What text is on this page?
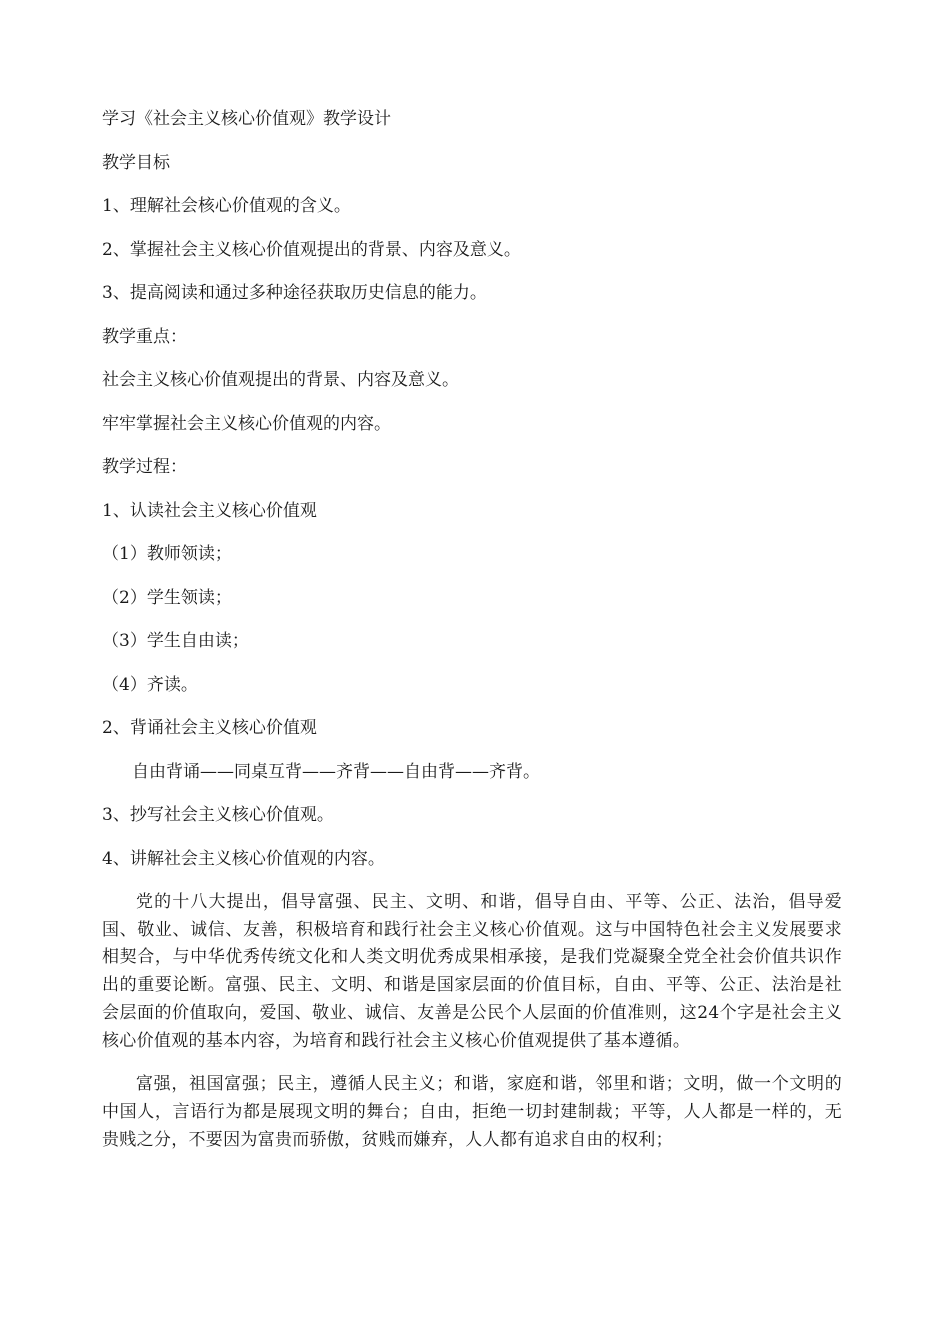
学习《社会主义核心价值观》教学设计
教学目标
1、理解社会核心价值观的含义。
2、掌握社会主义核心价值观提出的背景、内容及意义。
3、提高阅读和通过多种途径获取历史信息的能力。
教学重点：
社会主义核心价值观提出的背景、内容及意义。
牢牢掌握社会主义核心价值观的内容。
教学过程：
1、认读社会主义核心价值观
（1）教师领读；
（2）学生领读；
（3）学生自由读；
（4）齐读。
2、背诵社会主义核心价值观
自由背诵——同桌互背——齐背——自由背——齐背。
3、抄写社会主义核心价值观。
4、讲解社会主义核心价值观的内容。

党的十八大提出，倡导富强、民主、文明、和谐，倡导自由、平等、公正、法治，倡导爱国、敬业、诚信、友善，积极培育和践行社会主义核心价值观。这与中国特色社会主义发展要求相契合，与中华优秀传统文化和人类文明优秀成果相承接，是我们党凝聚全党全社会价值共识作出的重要论断。富强、民主、文明、和谐是国家层面的价值目标，自由、平等、公正、法治是社会层面的价值取向，爱国、敬业、诚信、友善是公民个人层面的价值准则，这24个字是社会主义核心价值观的基本内容，为培育和践行社会主义核心价值观提供了基本遵循。

富强，祖国富强；民主，遵循人民主义；和谐，家庭和谐，邻里和谐；文明，做一个文明的中国人，言语行为都是展现文明的舞台；自由，拒绝一切封建制裁；平等，人人都是一样的，无贵贱之分，不要因为富贵而骄傲，贫贱而嫌弃，人人都有追求自由的权利；
